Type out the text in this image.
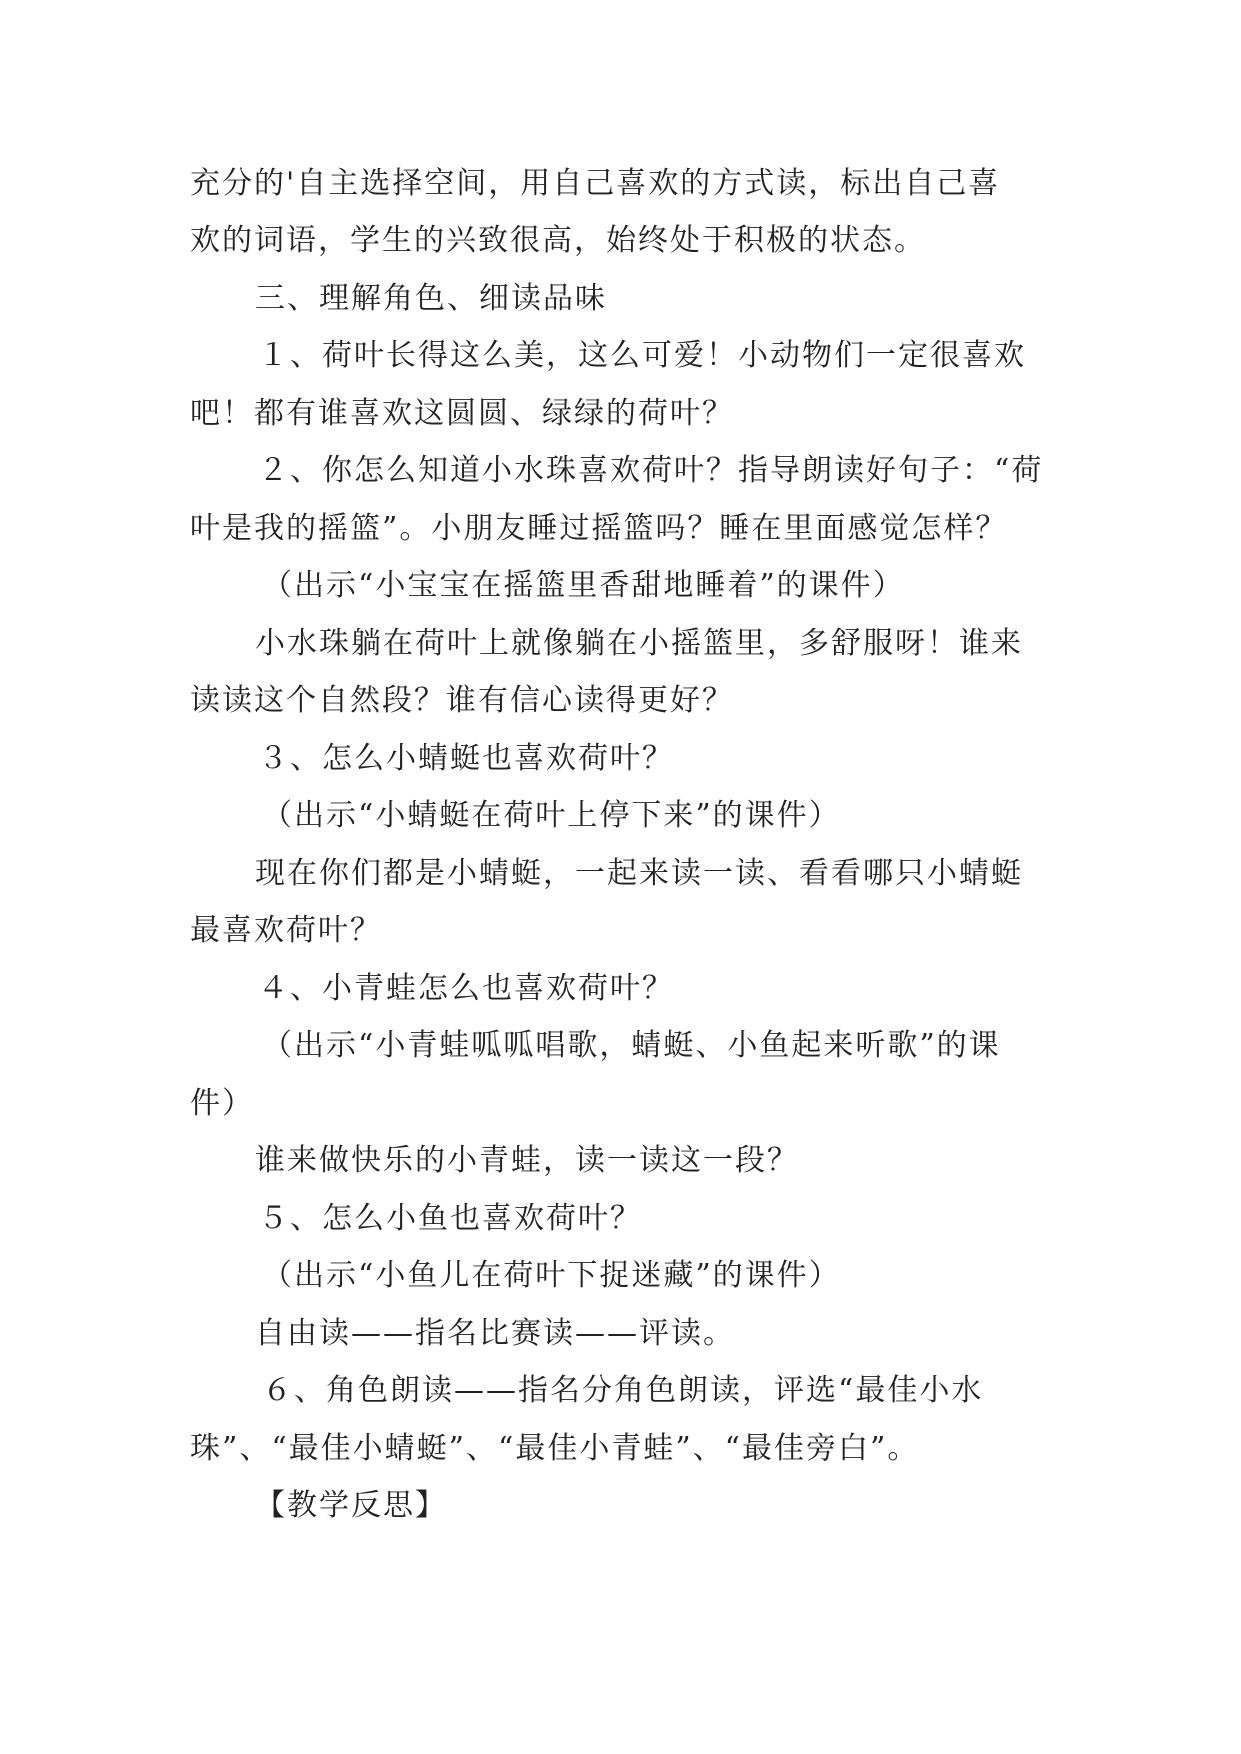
充分的'自主选择空间，用自己喜欢的方式读，标出自己喜
欢的词语，学生的兴致很高，始终处于积极的状态。
三、理解角色、细读品味
１、荷叶长得这么美，这么可爱！小动物们一定很喜欢
吧！都有谁喜欢这圆圆、绿绿的荷叶？
２、你怎么知道小水珠喜欢荷叶？指导朗读好句子：“荷
叶是我的摇篮”。小朋友睡过摇篮吗？睡在里面感觉怎样？
（出示“小宝宝在摇篮里香甜地睡着”的课件）
小水珠躺在荷叶上就像躺在小摇篮里，多舒服呀！谁来
读读这个自然段？谁有信心读得更好？
３、怎么小蜻蜓也喜欢荷叶？
（出示“小蜻蜓在荷叶上停下来”的课件）
现在你们都是小蜻蜓，一起来读一读、看看哪只小蜻蜓
最喜欢荷叶？
４、小青蛙怎么也喜欢荷叶？
（出示“小青蛙呱呱唱歌，蜻蜓、小鱼起来听歌”的课
件）
谁来做快乐的小青蛙，读一读这一段？
５、怎么小鱼也喜欢荷叶？
（出示“小鱼儿在荷叶下捉迷藏”的课件）
自由读——指名比赛读——评读。
６、角色朗读——指名分角色朗读，评选“最佳小水
珠”、“最佳小蜻蜓”、“最佳小青蛙”、“最佳旁白”。
【教学反思】
